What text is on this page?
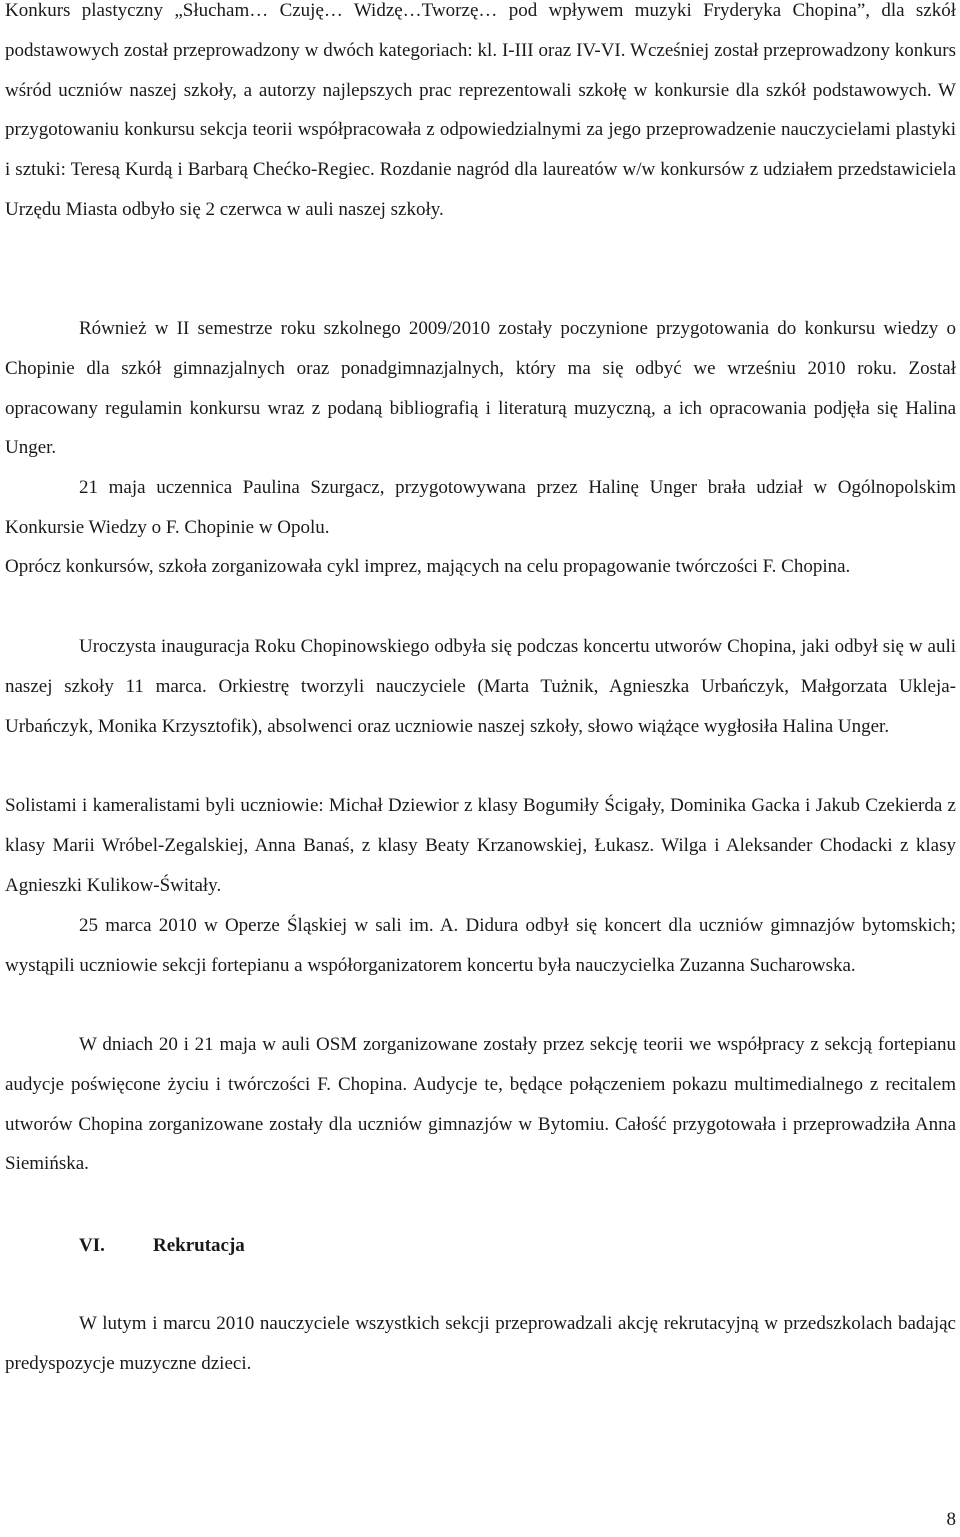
Konkurs plastyczny „Słucham… Czuję… Widzę…Tworzę… pod wpływem muzyki Fryderyka Chopina”, dla szkół podstawowych został przeprowadzony w dwóch kategoriach: kl. I-III oraz IV-VI. Wcześniej został przeprowadzony konkurs wśród uczniów naszej szkoły, a autorzy najlepszych prac reprezentowali szkołę w konkursie dla szkół podstawowych. W przygotowaniu konkursu sekcja teorii współpracowała z odpowiedzialnymi za jego przeprowadzenie nauczycielami plastyki i sztuki: Teresą Kurdą i Barbarą Chećko-Regiec. Rozdanie nagród dla laureatów w/w konkursów z udziałem przedstawiciela Urzędu Miasta odbyło się 2 czerwca w auli naszej szkoły.

Również w II semestrze roku szkolnego 2009/2010 zostały poczynione przygotowania do konkursu wiedzy o Chopinie dla szkół gimnazjalnych oraz ponadgimnazjalnych, który ma się odbyć we wrześniu 2010 roku. Został opracowany regulamin konkursu wraz z podaną bibliografią i literaturą muzyczną, a ich opracowania podjęła się Halina Unger.

21 maja uczennica Paulina Szurgacz, przygotowywana przez Halinę Unger brała udział w Ogólnopolskim Konkursie Wiedzy o F. Chopinie w Opolu.

Oprócz konkursów, szkoła zorganizowała cykl imprez, mających na celu propagowanie twórczości F. Chopina.

Uroczysta inauguracja Roku Chopinowskiego odbyła się podczas koncertu utworów Chopina, jaki odbył się w auli naszej szkoły 11 marca. Orkiestrę tworzyli nauczyciele (Marta Tużnik, Agnieszka Urbańczyk, Małgorzata Ukleja-Urbańczyk, Monika Krzysztofik), absolwenci oraz uczniowie naszej szkoły, słowo wiążące wygłosiła Halina Unger.

Solistami i kameralistami byli uczniowie: Michał Dziewior z klasy Bogumiły Ścigały, Dominika Gacka i Jakub Czekierda z klasy Marii Wróbel-Zegalskiej, Anna Banaś, z klasy Beaty Krzanowskiej, Łukasz. Wilga i Aleksander Chodacki z klasy Agnieszki Kulikow-Świtały.

25 marca 2010 w Operze Śląskiej w sali im. A. Didura odbył się koncert dla uczniów gimnazjów bytomskich; wystąpili uczniowie sekcji fortepianu a współorganizatorem koncertu była nauczycielka Zuzanna Sucharowska.

W dniach 20 i 21 maja w auli OSM zorganizowane zostały przez sekcję teorii we współpracy z sekcją fortepianu audycje poświęcone życiu i twórczości F. Chopina. Audycje te, będące połączeniem pokazu multimedialnego z recitalem utworów Chopina zorganizowane zostały dla uczniów gimnazjów w Bytomiu. Całość przygotowała i przeprowadziła Anna Siemińska.

VI.	Rekrutacja

W lutym i marcu 2010 nauczyciele wszystkich sekcji przeprowadzali akcję rekrutacyjną w przedszkolach badając predyspozycje muzyczne dzieci.

8
